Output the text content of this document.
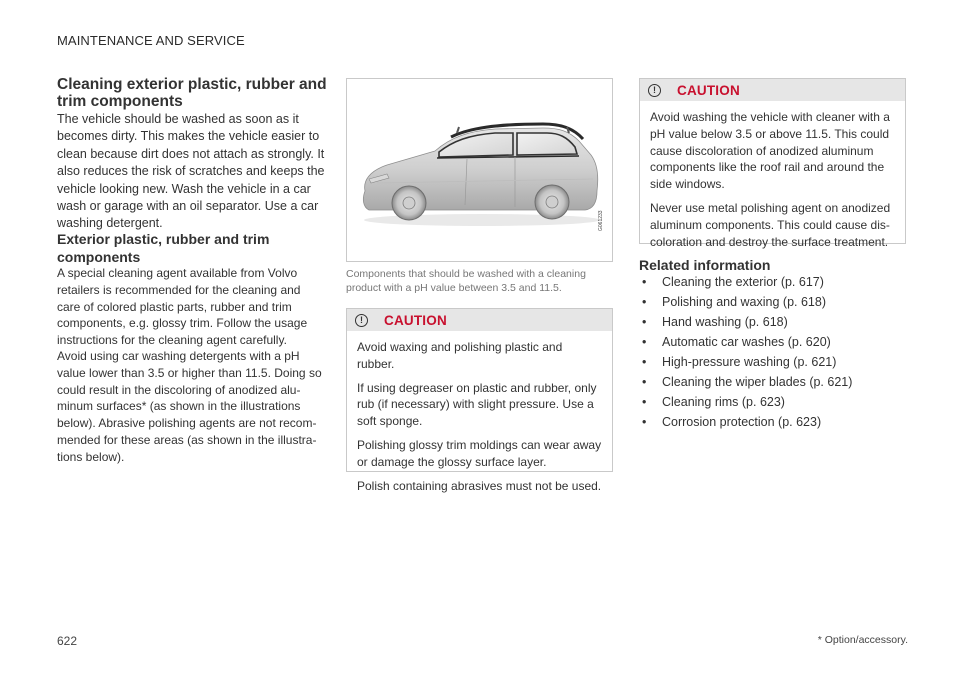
MAINTENANCE AND SERVICE
Cleaning exterior plastic, rubber and trim components

The vehicle should be washed as soon as it becomes dirty. This makes the vehicle easier to clean because dirt does not attach as strongly. It also reduces the risk of scratches and keeps the vehicle looking new. Wash the vehicle in a car wash or garage with an oil separator. Use a car washing detergent.

Exterior plastic, rubber and trim components

A special cleaning agent available from Volvo retailers is recommended for the cleaning and care of colored plastic parts, rubber and trim components, e.g. glossy trim. Follow the usage instructions for the cleaning agent carefully.

Avoid using car washing detergents with a pH value lower than 3.5 or higher than 11.5. Doing so could result in the discoloring of anodized alu-minum surfaces* (as shown in the illustrations below). Abrasive polishing agents are not recom-mended for these areas (as shown in the illustra-tions below).

G061233
Components that should be washed with a cleaning product with a pH value between 3.5 and 11.5.
!	CAUTION

Avoid waxing and polishing plastic and rubber.

If using degreaser on plastic and rubber, only rub (if necessary) with slight pressure. Use a soft sponge.

Polishing glossy trim moldings can wear away or damage the glossy surface layer.

Polish containing abrasives must not be used.

!	CAUTION

Avoid washing the vehicle with cleaner with a pH value below 3.5 or above 11.5. This could cause discoloration of anodized aluminum components like the roof rail and around the side windows.

Never use metal polishing agent on anodized aluminum components. This could cause dis-coloration and destroy the surface treatment.

Related information
•	Cleaning the exterior (p. 617)
•	Polishing and waxing (p. 618)
•	Hand washing (p. 618)
•	Automatic car washes (p. 620)
•	High-pressure washing (p. 621)
•	Cleaning the wiper blades (p. 621)
•	Cleaning rims (p. 623)
•	Corrosion protection (p. 623)
622	* Option/accessory.
